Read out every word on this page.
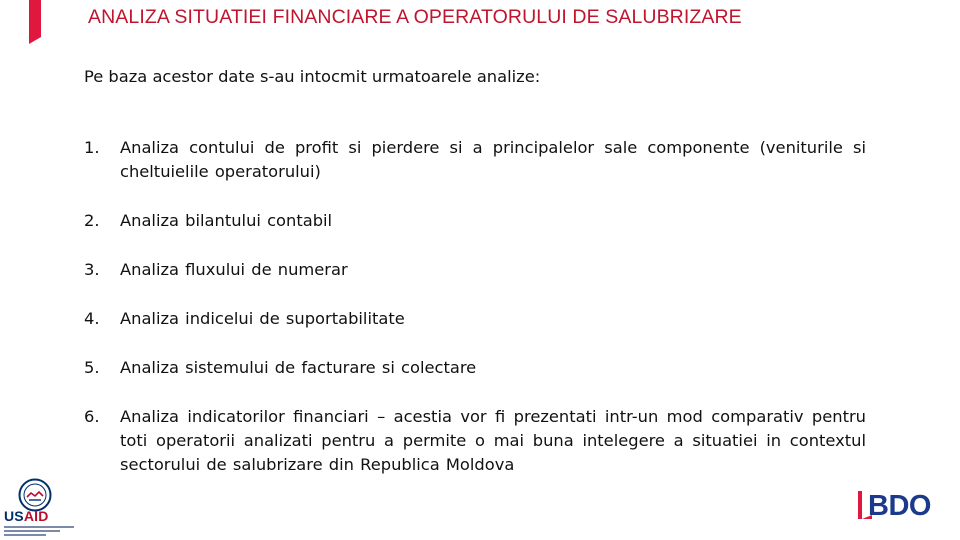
ANALIZA SITUATIEI FINANCIARE A OPERATORULUI DE SALUBRIZARE
Pe baza acestor date s-au intocmit urmatoarele analize:
1. Analiza contului de profit si pierdere si a principalelor sale componente (veniturile si cheltuielile operatorului)
2. Analiza bilantului contabil
3. Analiza fluxului de numerar
4. Analiza indicelui de suportabilitate
5. Analiza sistemului de facturare si colectare
6. Analiza indicatorilor financiari – acestia vor fi prezentati intr-un mod comparativ pentru toti operatorii analizati pentru a permite o mai buna intelegere a situatiei in contextul sectorului de salubrizare din Republica Moldova
USAID	BDO
